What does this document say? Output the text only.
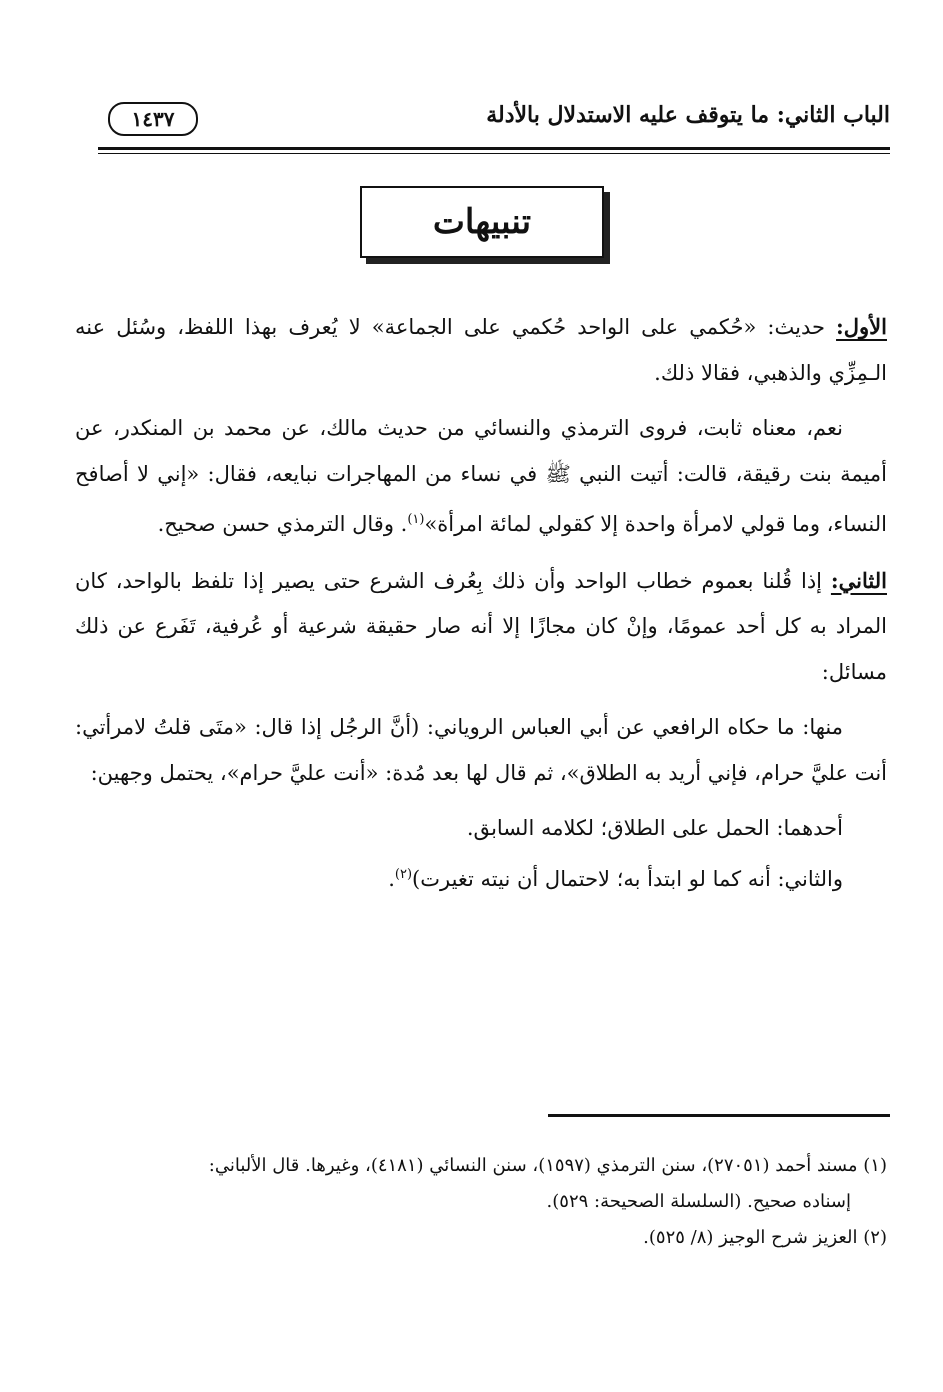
الباب الثاني: ما يتوقف عليه الاستدلال بالأدلة
١٤٣٧
تنبيهات

الأول: حديث: «حُكمي على الواحد حُكمي على الجماعة» لا يُعرف بهذا اللفظ، وسُئل عنه الـمِزِّي والذهبي، فقالا ذلك.

نعم، معناه ثابت، فروى الترمذي والنسائي من حديث مالك، عن محمد بن المنكدر، عن أميمة بنت رقيقة، قالت: أتيت النبي ﷺ في نساء من المهاجرات نبايعه، فقال: «إني لا أصافح النساء، وما قولي لامرأة واحدة إلا كقولي لمائة امرأة»$^{(١)}$. وقال الترمذي حسن صحيح.

الثاني: إذا قُلنا بعموم خطاب الواحد وأن ذلك بِعُرف الشرع حتى يصير إذا تلفظ بالواحد، كان المراد به كل أحد عمومًا، وإنْ كان مجازًا إلا أنه صار حقيقة شرعية أو عُرفية، تَفَرع عن ذلك مسائل:

منها: ما حكاه الرافعي عن أبي العباس الروياني: (أنَّ الرجُل إذا قال: «متَى قلتُ لامرأتي: أنت عليَّ حرام، فإني أريد به الطلاق»، ثم قال لها بعد مُدة: «أنت عليَّ حرام»، يحتمل وجهين:

أحدهما: الحمل على الطلاق؛ لكلامه السابق.

والثاني: أنه كما لو ابتدأ به؛ لاحتمال أن نيته تغيرت)$^{(٢)}$.

(١) مسند أحمد (٢٧٠٥١)، سنن الترمذي (١٥٩٧)، سنن النسائي (٤١٨١)، وغيرها. قال الألباني:

إسناده صحيح. (السلسلة الصحيحة: ٥٢٩).

(٢) العزيز شرح الوجيز (٨/ ٥٢٥).
